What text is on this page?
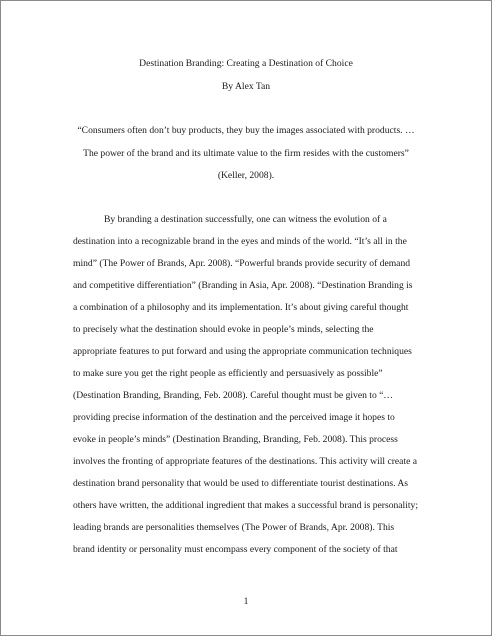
Destination Branding: Creating a Destination of Choice
By Alex Tan
“Consumers often don’t buy products, they buy the images associated with products. …
The power of the brand and its ultimate value to the firm resides with the customers”
(Keller, 2008).
By branding a destination successfully, one can witness the evolution of a
destination into a recognizable brand in the eyes and minds of the world. “It’s all in the
mind” (The Power of Brands, Apr. 2008). “Powerful brands provide security of demand
and competitive differentiation” (Branding in Asia, Apr. 2008). “Destination Branding is
a combination of a philosophy and its implementation. It’s about giving careful thought
to precisely what the destination should evoke in people’s minds, selecting the
appropriate features to put forward and using the appropriate communication techniques
to make sure you get the right people as efficiently and persuasively as possible”
(Destination Branding, Branding, Feb. 2008). Careful thought must be given to “…
providing precise information of the destination and the perceived image it hopes to
evoke in people’s minds” (Destination Branding, Branding, Feb. 2008). This process
involves the fronting of appropriate features of the destinations. This activity will create a
destination brand personality that would be used to differentiate tourist destinations. As
others have written, the additional ingredient that makes a successful brand is personality;
leading brands are personalities themselves (The Power of Brands, Apr. 2008). This
brand identity or personality must encompass every component of the society of that
1
